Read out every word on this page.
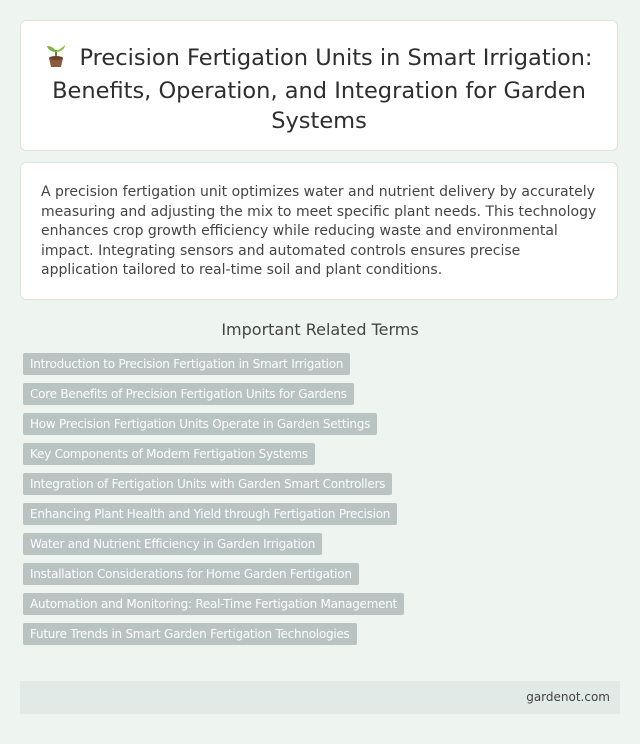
Precision Fertigation Units in Smart Irrigation: Benefits, Operation, and Integration for Garden Systems

A precision fertigation unit optimizes water and nutrient delivery by accurately measuring and adjusting the mix to meet specific plant needs. This technology enhances crop growth efficiency while reducing waste and environmental impact. Integrating sensors and automated controls ensures precise application tailored to real-time soil and plant conditions.

Important Related Terms
Introduction to Precision Fertigation in Smart Irrigation
Core Benefits of Precision Fertigation Units for Gardens
How Precision Fertigation Units Operate in Garden Settings
Key Components of Modern Fertigation Systems
Integration of Fertigation Units with Garden Smart Controllers
Enhancing Plant Health and Yield through Fertigation Precision
Water and Nutrient Efficiency in Garden Irrigation
Installation Considerations for Home Garden Fertigation
Automation and Monitoring: Real-Time Fertigation Management
Future Trends in Smart Garden Fertigation Technologies
gardenot.com
